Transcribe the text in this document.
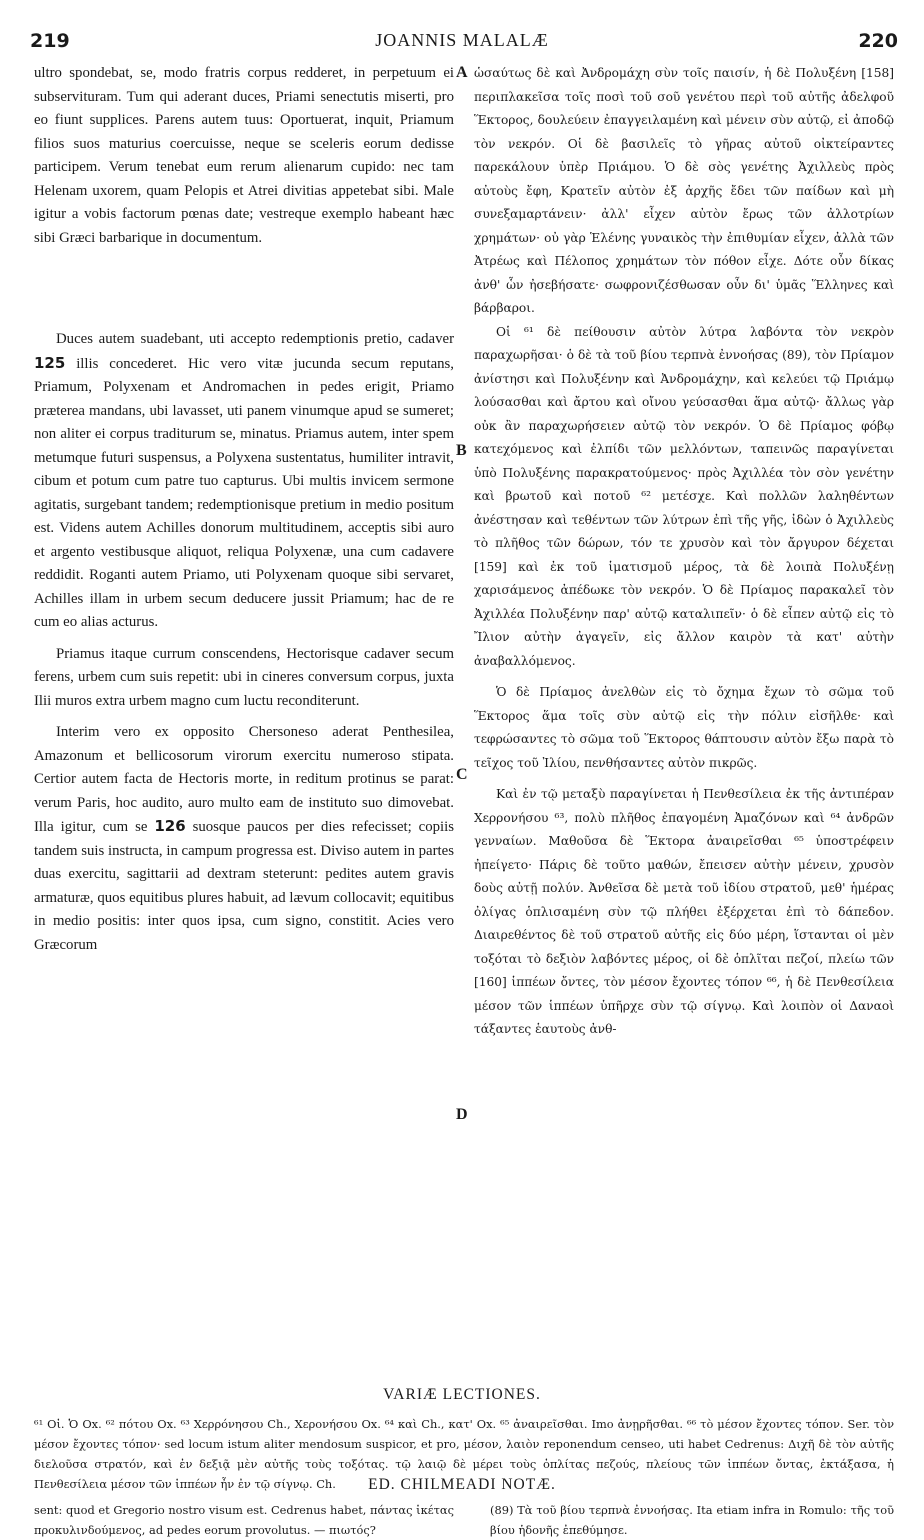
219	JOANNIS MALALÆ	220

ultro spondebat, se, modo fratris corpus redderet, in perpetuum ei subservituram. Tum qui aderant duces, Priami senectutis miserti, pro eo fiunt supplices. Parens autem tuus: Oportuerat, inquit, Priamum filios suos maturius coercuisse, neque se sceleris eorum dedisse participem. Verum tenebat eum rerum alienarum cupido: nec tam Helenam uxorem, quam Pelopis et Atrei divitias appetebat sibi. Male igitur a vobis factorum pœnas date; vestreque exemplo habeant hæc sibi Græci barbarique in documentum.

Duces autem suadebant, uti accepto redemptionis pretio, cadaver 125 illis concederet. Hic vero vitæ jucunda secum reputans, Priamum, Polyxenam et Andromachen in pedes erigit, Priamo præterea mandans, ubi lavasset, uti panem vinumque apud se sumeret; non aliter ei corpus traditurum se, minatus. Priamus autem, inter spem metumque futuri suspensus, a Polyxena sustentatus, humiliter intravit, cibum et potum cum patre tuo capturus. Ubi multis invicem sermone agitatis, surgebant tandem; redemptionisque pretium in medio positum est. Videns autem Achilles donorum multitudinem, acceptis sibi auro et argento vestibusque aliquot, reliqua Polyxenæ, una cum cadavere reddidit. Roganti autem Priamo, uti Polyxenam quoque sibi servaret, Achilles illam in urbem secum deducere jussit Priamum; hac de re cum eo alias acturus.

Priamus itaque currum conscendens, Hectorisque cadaver secum ferens, urbem cum suis repetit: ubi in cineres conversum corpus, juxta Ilii muros extra urbem magno cum luctu reconditerunt.

Interim vero ex opposito Chersoneso aderat Penthesilea, Amazonum et bellicosorum virorum exercitu numeroso stipata. Certior autem facta de Hectoris morte, in reditum protinus se parat: verum Paris, hoc audito, auro multo eam de instituto suo dimovebat. Illa igitur, cum se 126 suosque paucos per dies refecisset; copiis tandem suis instructa, in campum progressa est. Diviso autem in partes duas exercitu, sagittarii ad dextram steterunt: pedites autem gravis armaturæ, quos equitibus plures habuit, ad lævum collocavit; equitibus in medio positis: inter quos ipsa, cum signo, constitit. Acies vero Græcorum

A
B
C
D

ὡσαύτως δὲ καὶ Ἀνδρομάχη σὺν τοῖς παισίν, ἡ δὲ Πολυξένη [158] περιπλακεῖσα τοῖς ποσὶ τοῦ σοῦ γενέτου περὶ τοῦ αὐτῆς ἀδελφοῦ Ἕκτορος, δουλεύειν ἐπαγγειλαμένη καὶ μένειν σὺν αὐτῷ, εἰ ἀποδῷ τὸν νεκρόν. Οἱ δὲ βασιλεῖς τὸ γῆρας αὐτοῦ οἰκτείραντες παρεκάλουν ὑπὲρ Πριάμου. Ὁ δὲ σὸς γενέτης Ἀχιλλεὺς πρὸς αὐτοὺς ἔφη, Κρατεῖν αὐτὸν ἐξ ἀρχῆς ἔδει τῶν παίδων καὶ μὴ συνεξαμαρτάνειν· ἀλλ' εἶχεν αὐτὸν ἔρως τῶν ἀλλοτρίων χρημάτων· οὐ γὰρ Ἑλένης γυναικὸς τὴν ἐπιθυμίαν εἶχεν, ἀλλὰ τῶν Ἀτρέως καὶ Πέλοπος χρημάτων τὸν πόθον εἶχε. Δότε οὖν δίκας ἀνθ' ὧν ἠσεβήσατε· σωφρονιζέσθωσαν οὖν δι' ὑμᾶς Ἕλληνες καὶ βάρβαροι.

Οἱ ⁶¹ δὲ πείθουσιν αὐτὸν λύτρα λαβόντα τὸν νεκρὸν παραχωρῆσαι· ὁ δὲ τὰ τοῦ βίου τερπνὰ ἐννοήσας (89), τὸν Πρίαμον ἀνίστησι καὶ Πολυξένην καὶ Ἀνδρομάχην, καὶ κελεύει τῷ Πριάμῳ λούσασθαι καὶ ἄρτου καὶ οἴνου γεύσασθαι ἅμα αὐτῷ· ἄλλως γὰρ οὐκ ἂν παραχωρήσειεν αὐτῷ τὸν νεκρόν. Ὁ δὲ Πρίαμος φόβῳ κατεχόμενος καὶ ἐλπίδι τῶν μελλόντων, ταπεινῶς παραγίνεται ὑπὸ Πολυξένης παρακρατούμενος· πρὸς Ἀχιλλέα τὸν σὸν γενέτην καὶ βρωτοῦ καὶ ποτοῦ ⁶² μετέσχε. Καὶ πολλῶν λαληθέντων ἀνέστησαν καὶ τεθέντων τῶν λύτρων ἐπὶ τῆς γῆς, ἰδὼν ὁ Ἀχιλλεὺς τὸ πλῆθος τῶν δώρων, τόν τε χρυσὸν καὶ τὸν ἄργυρον δέχεται [159] καὶ ἐκ τοῦ ἱματισμοῦ μέρος, τὰ δὲ λοιπὰ Πολυξένῃ χαρισάμενος ἀπέδωκε τὸν νεκρόν. Ὁ δὲ Πρίαμος παρακαλεῖ τὸν Ἀχιλλέα Πολυξένην παρ' αὐτῷ καταλιπεῖν· ὁ δὲ εἶπεν αὐτῷ εἰς τὸ Ἴλιον αὐτὴν ἀγαγεῖν, εἰς ἄλλον καιρὸν τὰ κατ' αὐτὴν ἀναβαλλόμενος.

Ὁ δὲ Πρίαμος ἀνελθὼν εἰς τὸ ὄχημα ἔχων τὸ σῶμα τοῦ Ἕκτορος ἅμα τοῖς σὺν αὐτῷ εἰς τὴν πόλιν εἰσῆλθε· καὶ τεφρώσαντες τὸ σῶμα τοῦ Ἕκτορος θάπτουσιν αὐτὸν ἔξω παρὰ τὸ τεῖχος τοῦ Ἰλίου, πενθήσαντες αὐτὸν πικρῶς.

Καὶ ἐν τῷ μεταξὺ παραγίνεται ἡ Πενθεσίλεια ἐκ τῆς ἀντιπέραν Χερρονήσου ⁶³, πολὺ πλῆθος ἐπαγομένη Ἀμαζόνων καὶ ⁶⁴ ἀνδρῶν γενναίων. Μαθοῦσα δὲ Ἕκτορα ἀναιρεῖσθαι ⁶⁵ ὑποστρέφειν ἠπείγετο· Πάρις δὲ τοῦτο μαθών, ἔπεισεν αὐτὴν μένειν, χρυσὸν δοὺς αὐτῇ πολύν. Ἀνθεῖσα δὲ μετὰ τοῦ ἰδίου στρατοῦ, μεθ' ἡμέρας ὀλίγας ὁπλισαμένη σὺν τῷ πλήθει ἐξέρχεται ἐπὶ τὸ δάπεδον. Διαιρεθέντος δὲ τοῦ στρατοῦ αὐτῆς εἰς δύο μέρη, ἵστανται οἱ μὲν τοξόται τὸ δεξιὸν λαβόντες μέρος, οἱ δὲ ὁπλῖται πεζοί, πλείω τῶν [160] ἱππέων ὄντες, τὸν μέσον ἔχοντες τόπον ⁶⁶, ἡ δὲ Πενθεσίλεια μέσον τῶν ἱππέων ὑπῆρχε σὺν τῷ σίγνῳ. Καὶ λοιπὸν οἱ Δαναοὶ τάξαντες ἑαυτοὺς ἀνθ-

VARIÆ LECTIONES.

⁶¹ Οἱ. Ὁ Ox. ⁶² πότου Ox. ⁶³ Χερρόνησου Ch., Χερονήσου Ox. ⁶⁴ καὶ Ch., κατ' Ox. ⁶⁵ ἀναιρεῖσθαι. Imo ἀνῃρῆσθαι. ⁶⁶ τὸ μέσον ἔχοντες τόπον. Ser. τὸν μέσον ἔχοντες τόπον· sed locum istum aliter mendosum suspicor, et pro, μέσον, λαιὸν reponendum censeo, uti habet Cedrenus: Διχῆ δὲ τὸν αὐτῆς διελοῦσα στρατόν, καὶ ἐν δεξιᾷ μὲν αὐτῆς τοὺς τοξότας. τῷ λαιῷ δὲ μέρει τοὺς ὁπλίτας πεζούς, πλείους τῶν ἱππέων ὄντας, ἐκτάξασα, ἡ Πενθεσίλεια μέσον τῶν ἱππέων ἦν ἐν τῷ σίγνῳ. Ch.	ED. CHILMEADI NOTÆ.

sent: quod et Gregorio nostro visum est. Cedrenus habet, πάντας ἱκέτας προκυλινδούμενος, ad pedes eorum provolutus. — πιωτός?

(89) Τὰ τοῦ βίου τερπνὰ ἐννοήσας. Ita etiam infra in Romulo: τῆς τοῦ βίου ἡδονῆς ἐπεθύμησε.
